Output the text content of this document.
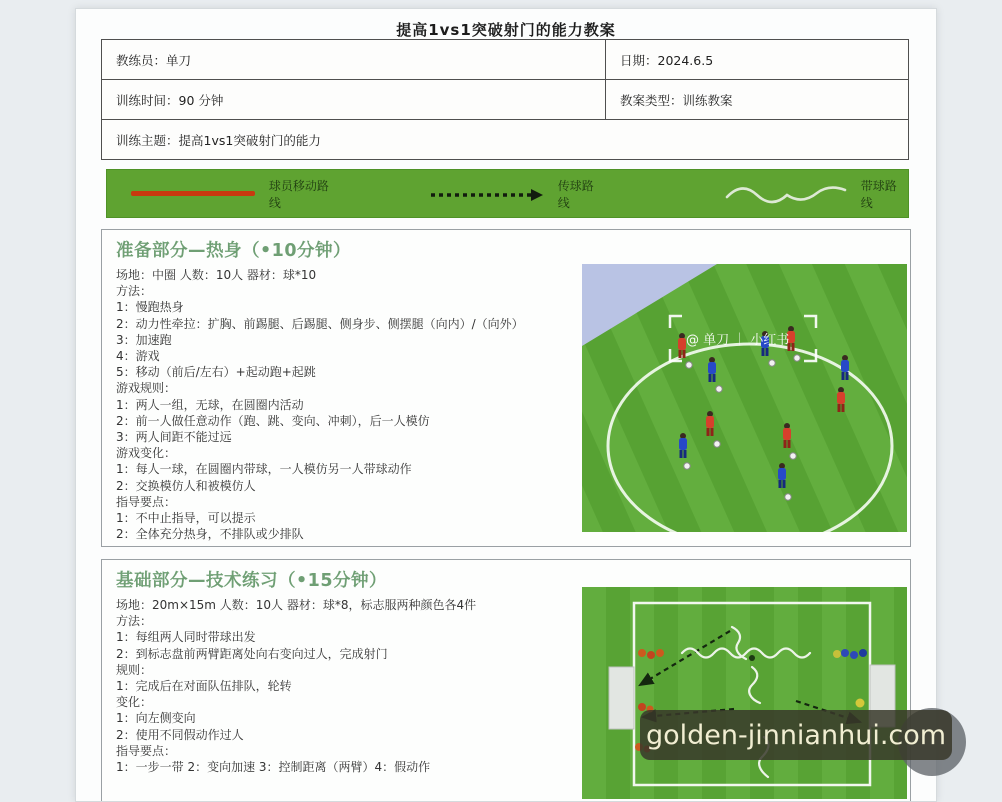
提高1vs1突破射门的能力教案
教练员：单刀	日期：2024.6.5
训练时间：90 分钟	教案类型：训练教案
训练主题：提高1vs1突破射门的能力	
球员移动路线
传球路线
带球路线
准备部分—热身（•10分钟）
场地：中圈 人数：10人 器材：球*10
方法：
1：慢跑热身
2：动力性牵拉：扩胸、前踢腿、后踢腿、侧身步、侧摆腿（向内）/（向外）
3：加速跑
4：游戏
5：移动（前后/左右）+起动跑+起跳
游戏规则：
1：两人一组，无球，在圆圈内活动
2：前一人做任意动作（跑、跳、变向、冲刺），后一人模仿
3：两人间距不能过远
游戏变化：
1：每人一球，在圆圈内带球，一人模仿另一人带球动作
2：交换模仿人和被模仿人
指导要点：
1：不中止指导，可以提示
2：全体充分热身，不排队或少排队
@ 单刀 ｜ 小红书
基础部分—技术练习（•15分钟）
场地：20m×15m 人数：10人 器材：球*8，标志服两种颜色各4件
方法：
1：每组两人同时带球出发
2：到标志盘前两臂距离处向右变向过人，完成射门
规则：
1：完成后在对面队伍排队，轮转
变化：
1：向左侧变向
2：使用不同假动作过人
指导要点：
1：一步一带 2：变向加速 3：控制距离（两臂）4：假动作
golden-jinnianhui.com
